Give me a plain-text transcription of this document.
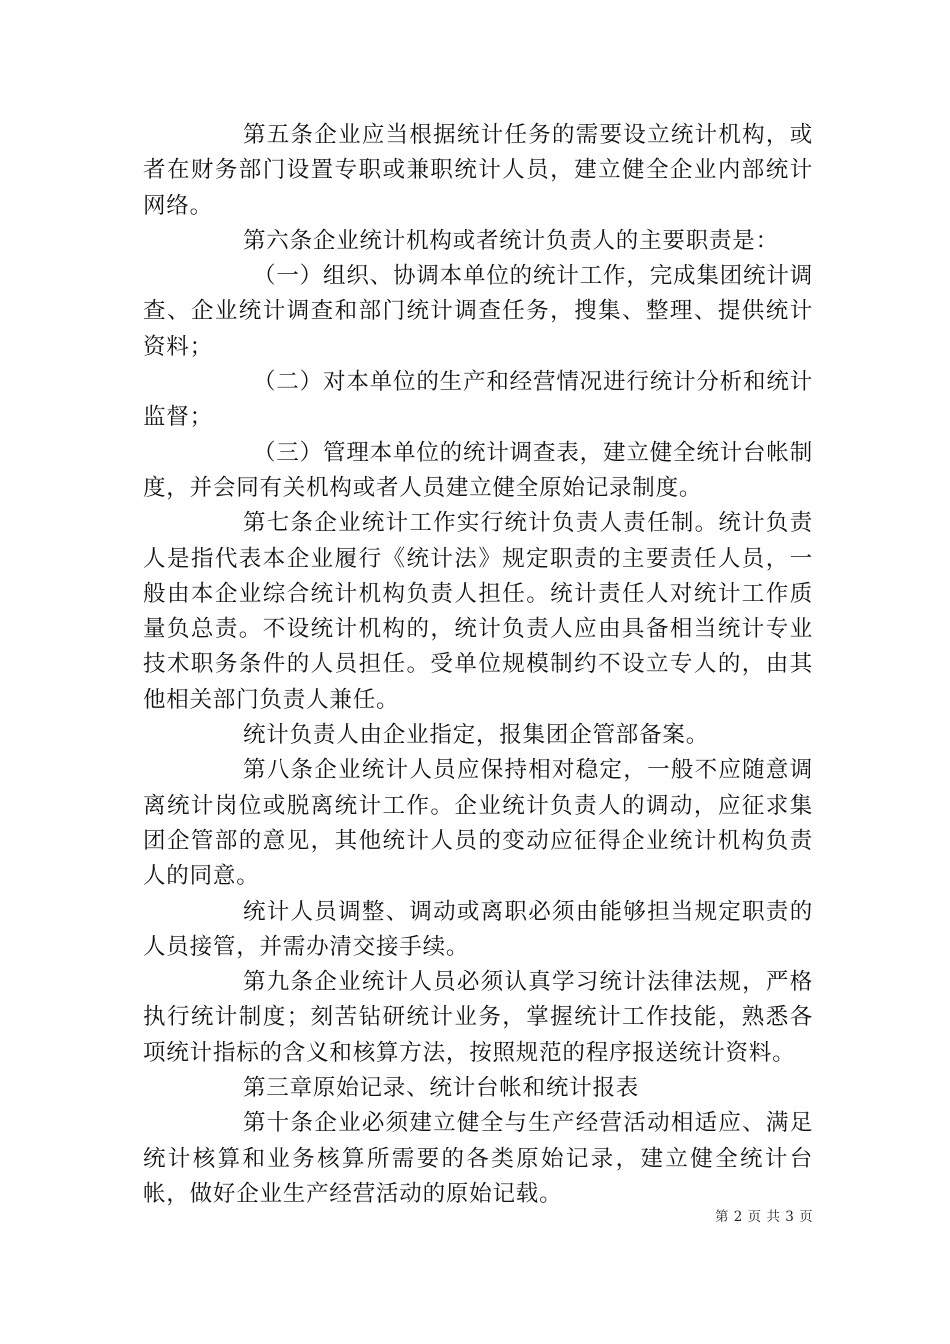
第五条企业应当根据统计任务的需要设立统计机构，或者在财务部门设置专职或兼职统计人员，建立健全企业内部统计网络。

第六条企业统计机构或者统计负责人的主要职责是：

（一）组织、协调本单位的统计工作，完成集团统计调查、企业统计调查和部门统计调查任务，搜集、整理、提供统计资料；

（二）对本单位的生产和经营情况进行统计分析和统计监督；

（三）管理本单位的统计调查表，建立健全统计台帐制度，并会同有关机构或者人员建立健全原始记录制度。

第七条企业统计工作实行统计负责人责任制。统计负责人是指代表本企业履行《统计法》规定职责的主要责任人员，一般由本企业综合统计机构负责人担任。统计责任人对统计工作质量负总责。不设统计机构的，统计负责人应由具备相当统计专业技术职务条件的人员担任。受单位规模制约不设立专人的，由其他相关部门负责人兼任。

统计负责人由企业指定，报集团企管部备案。

第八条企业统计人员应保持相对稳定，一般不应随意调离统计岗位或脱离统计工作。企业统计负责人的调动，应征求集团企管部的意见，其他统计人员的变动应征得企业统计机构负责人的同意。

统计人员调整、调动或离职必须由能够担当规定职责的人员接管，并需办清交接手续。

第九条企业统计人员必须认真学习统计法律法规，严格执行统计制度；刻苦钻研统计业务，掌握统计工作技能，熟悉各项统计指标的含义和核算方法，按照规范的程序报送统计资料。

第三章原始记录、统计台帐和统计报表

第十条企业必须建立健全与生产经营活动相适应、满足统计核算和业务核算所需要的各类原始记录，建立健全统计台帐，做好企业生产经营活动的原始记载。

第 2 页 共 3 页
